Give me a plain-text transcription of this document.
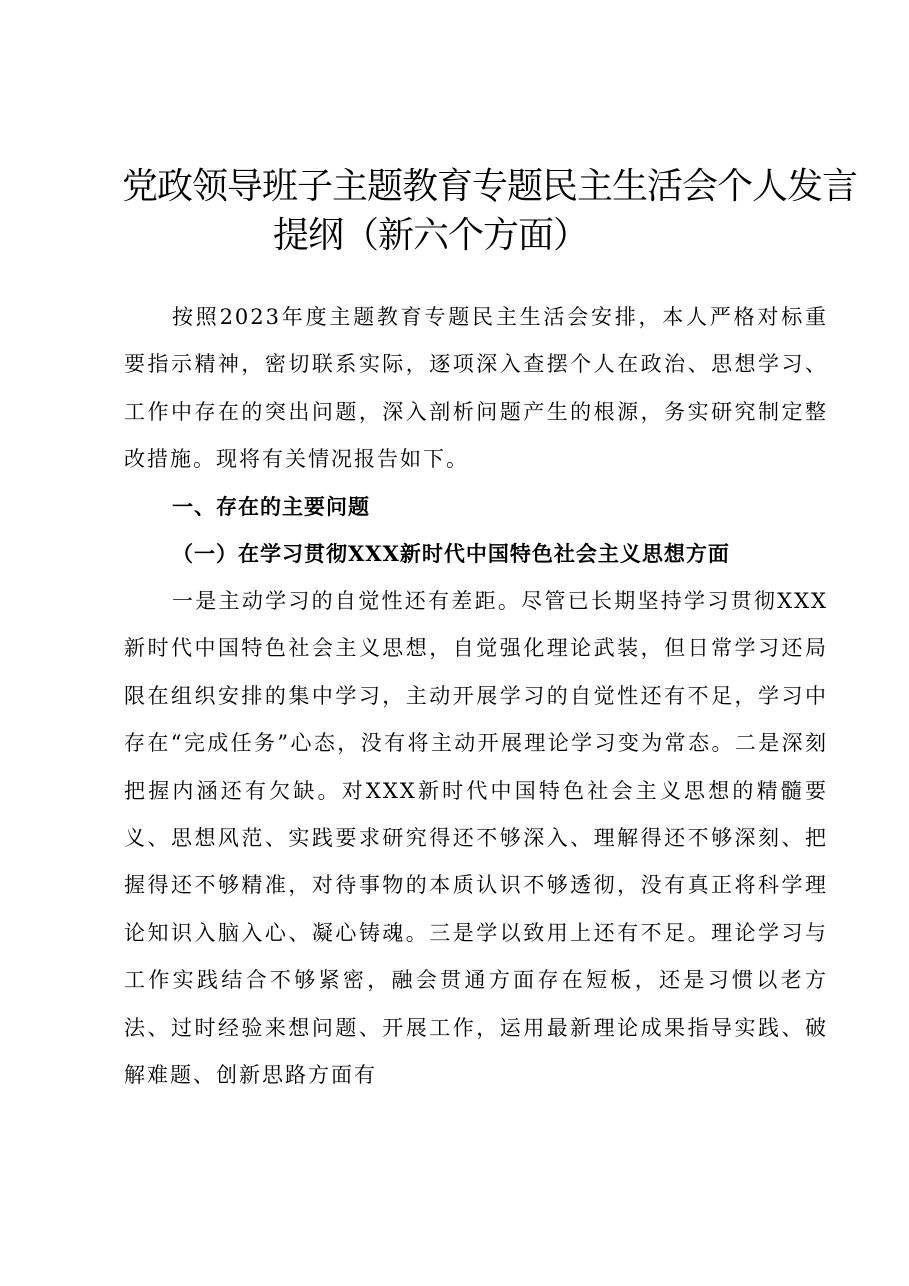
党政领导班子主题教育专题民主生活会个人发言
提纲（新六个方面）

按照2023年度主题教育专题民主生活会安排，本人严格对标重要指示精神，密切联系实际，逐项深入查摆个人在政治、思想学习、工作中存在的突出问题，深入剖析问题产生的根源，务实研究制定整改措施。现将有关情况报告如下。

一、存在的主要问题
（一）在学习贯彻XXX新时代中国特色社会主义思想方面

一是主动学习的自觉性还有差距。尽管已长期坚持学习贯彻XXX新时代中国特色社会主义思想，自觉强化理论武装，但日常学习还局限在组织安排的集中学习，主动开展学习的自觉性还有不足，学习中存在“完成任务”心态，没有将主动开展理论学习变为常态。二是深刻把握内涵还有欠缺。对XXX新时代中国特色社会主义思想的精髓要义、思想风范、实践要求研究得还不够深入、理解得还不够深刻、把握得还不够精准，对待事物的本质认识不够透彻，没有真正将科学理论知识入脑入心、凝心铸魂。三是学以致用上还有不足。理论学习与工作实践结合不够紧密，融会贯通方面存在短板，还是习惯以老方法、过时经验来想问题、开展工作，运用最新理论成果指导实践、破解难题、创新思路方面有
